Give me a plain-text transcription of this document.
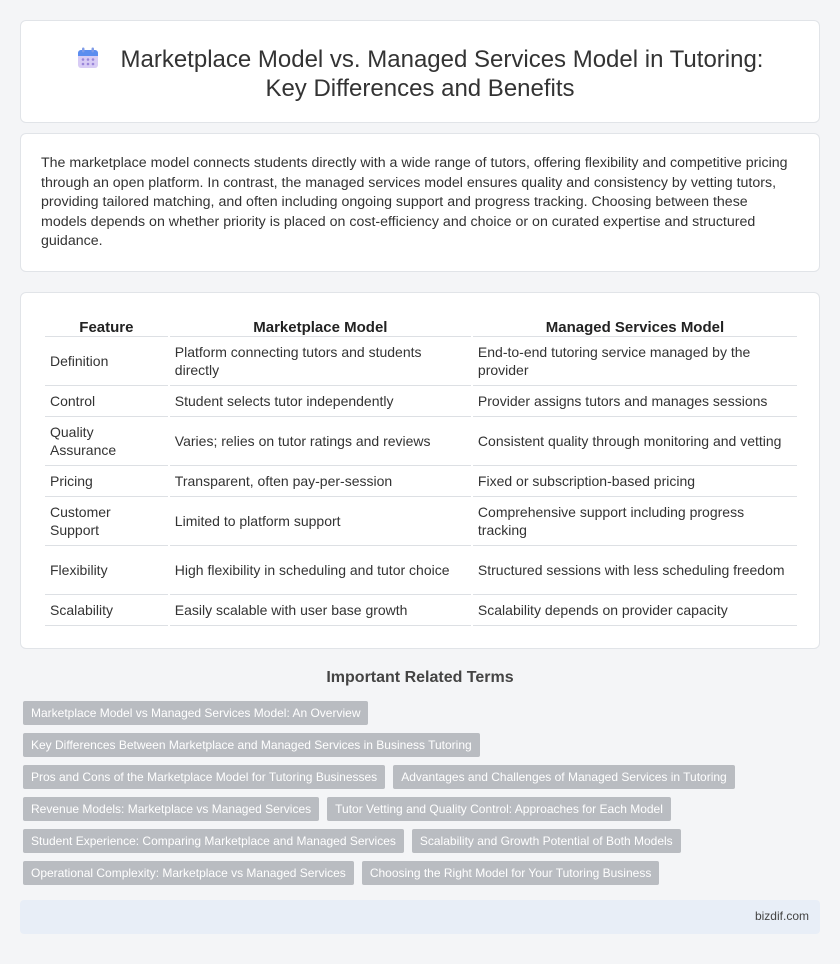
Marketplace Model vs. Managed Services Model in Tutoring: Key Differences and Benefits

The marketplace model connects students directly with a wide range of tutors, offering flexibility and competitive pricing through an open platform. In contrast, the managed services model ensures quality and consistency by vetting tutors, providing tailored matching, and often including ongoing support and progress tracking. Choosing between these models depends on whether priority is placed on cost-efficiency and choice or on curated expertise and structured guidance.

Feature	Marketplace Model	Managed Services Model
Definition	Platform connecting tutors and students directly	End-to-end tutoring service managed by the provider
Control	Student selects tutor independently	Provider assigns tutors and manages sessions
Quality Assurance	Varies; relies on tutor ratings and reviews	Consistent quality through monitoring and vetting
Pricing	Transparent, often pay-per-session	Fixed or subscription-based pricing
Customer Support	Limited to platform support	Comprehensive support including progress tracking
Flexibility	High flexibility in scheduling and tutor choice	Structured sessions with less scheduling freedom
Scalability	Easily scalable with user base growth	Scalability depends on provider capacity
Important Related Terms
Marketplace Model vs Managed Services Model: An Overview
Key Differences Between Marketplace and Managed Services in Business Tutoring
Pros and Cons of the Marketplace Model for Tutoring Businesses	Advantages and Challenges of Managed Services in Tutoring
Revenue Models: Marketplace vs Managed Services	Tutor Vetting and Quality Control: Approaches for Each Model
Student Experience: Comparing Marketplace and Managed Services	Scalability and Growth Potential of Both Models
Operational Complexity: Marketplace vs Managed Services	Choosing the Right Model for Your Tutoring Business
bizdif.com
